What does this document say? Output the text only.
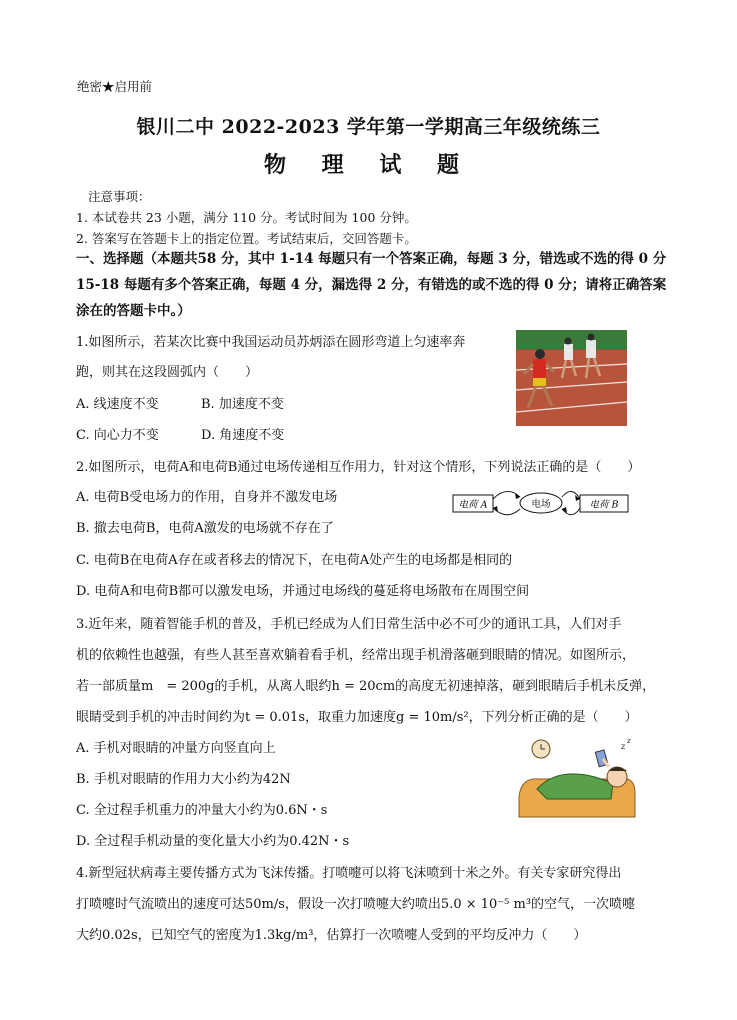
绝密★启用前
银川二中 2022-2023 学年第一学期高三年级统练三
物 理 试 题
注意事项：
1. 本试卷共 23 小题，满分 110 分。考试时间为 100 分钟。
2. 答案写在答题卡上的指定位置。考试结束后，交回答题卡。
一、选择题（本题共58 分，其中 1-14 每题只有一个答案正确，每题 3 分，错选或不选的得 0 分
15-18 每题有多个答案正确，每题 4 分，漏选得 2 分，有错选的或不选的得 0 分；请将正确答案
涂在的答题卡中。）
1.如图所示，若某次比赛中我国运动员苏炳添在圆形弯道上匀速率奔
跑，则其在这段圆弧内（　　）
A. 线速度不变	B. 加速度不变
C. 向心力不变	D. 角速度不变
2.如图所示，电荷A和电荷B通过电场传递相互作用力，针对这个情形，下列说法正确的是（　　）
A. 电荷B受电场力的作用，自身并不激发电场
B. 撤去电荷B，电荷A激发的电场就不存在了
C. 电荷B在电荷A存在或者移去的情况下，在电荷A处产生的电场都是相同的
D. 电荷A和电荷B都可以激发电场，并通过电场线的蔓延将电场散布在周围空间
电荷 A	电场	电荷 B
3.近年来，随着智能手机的普及，手机已经成为人们日常生活中必不可少的通讯工具，人们对手
机的依赖性也越强，有些人甚至喜欢躺着看手机，经常出现手机滑落砸到眼睛的情况。如图所示，
若一部质量m　= 200g的手机，从离人眼约h = 20cm的高度无初速掉落，砸到眼睛后手机未反弹，
眼睛受到手机的冲击时间约为t = 0.01s，取重力加速度g = 10m/s²，下列分析正确的是（　　）
A. 手机对眼睛的冲量方向竖直向上
B. 手机对眼睛的作用力大小约为42N
C. 全过程手机重力的冲量大小约为0.6N・s
D. 全过程手机动量的变化量大小约为0.42N・s
z
z
4.新型冠状病毒主要传播方式为飞沫传播。打喷嚏可以将飞沫喷到十米之外。有关专家研究得出
打喷嚏时气流喷出的速度可达50m/s，假设一次打喷嚏大约喷出5.0 × 10⁻⁵ m³的空气，一次喷嚏
大约0.02s，已知空气的密度为1.3kg/m³，估算打一次喷嚏人受到的平均反冲力（　　）
